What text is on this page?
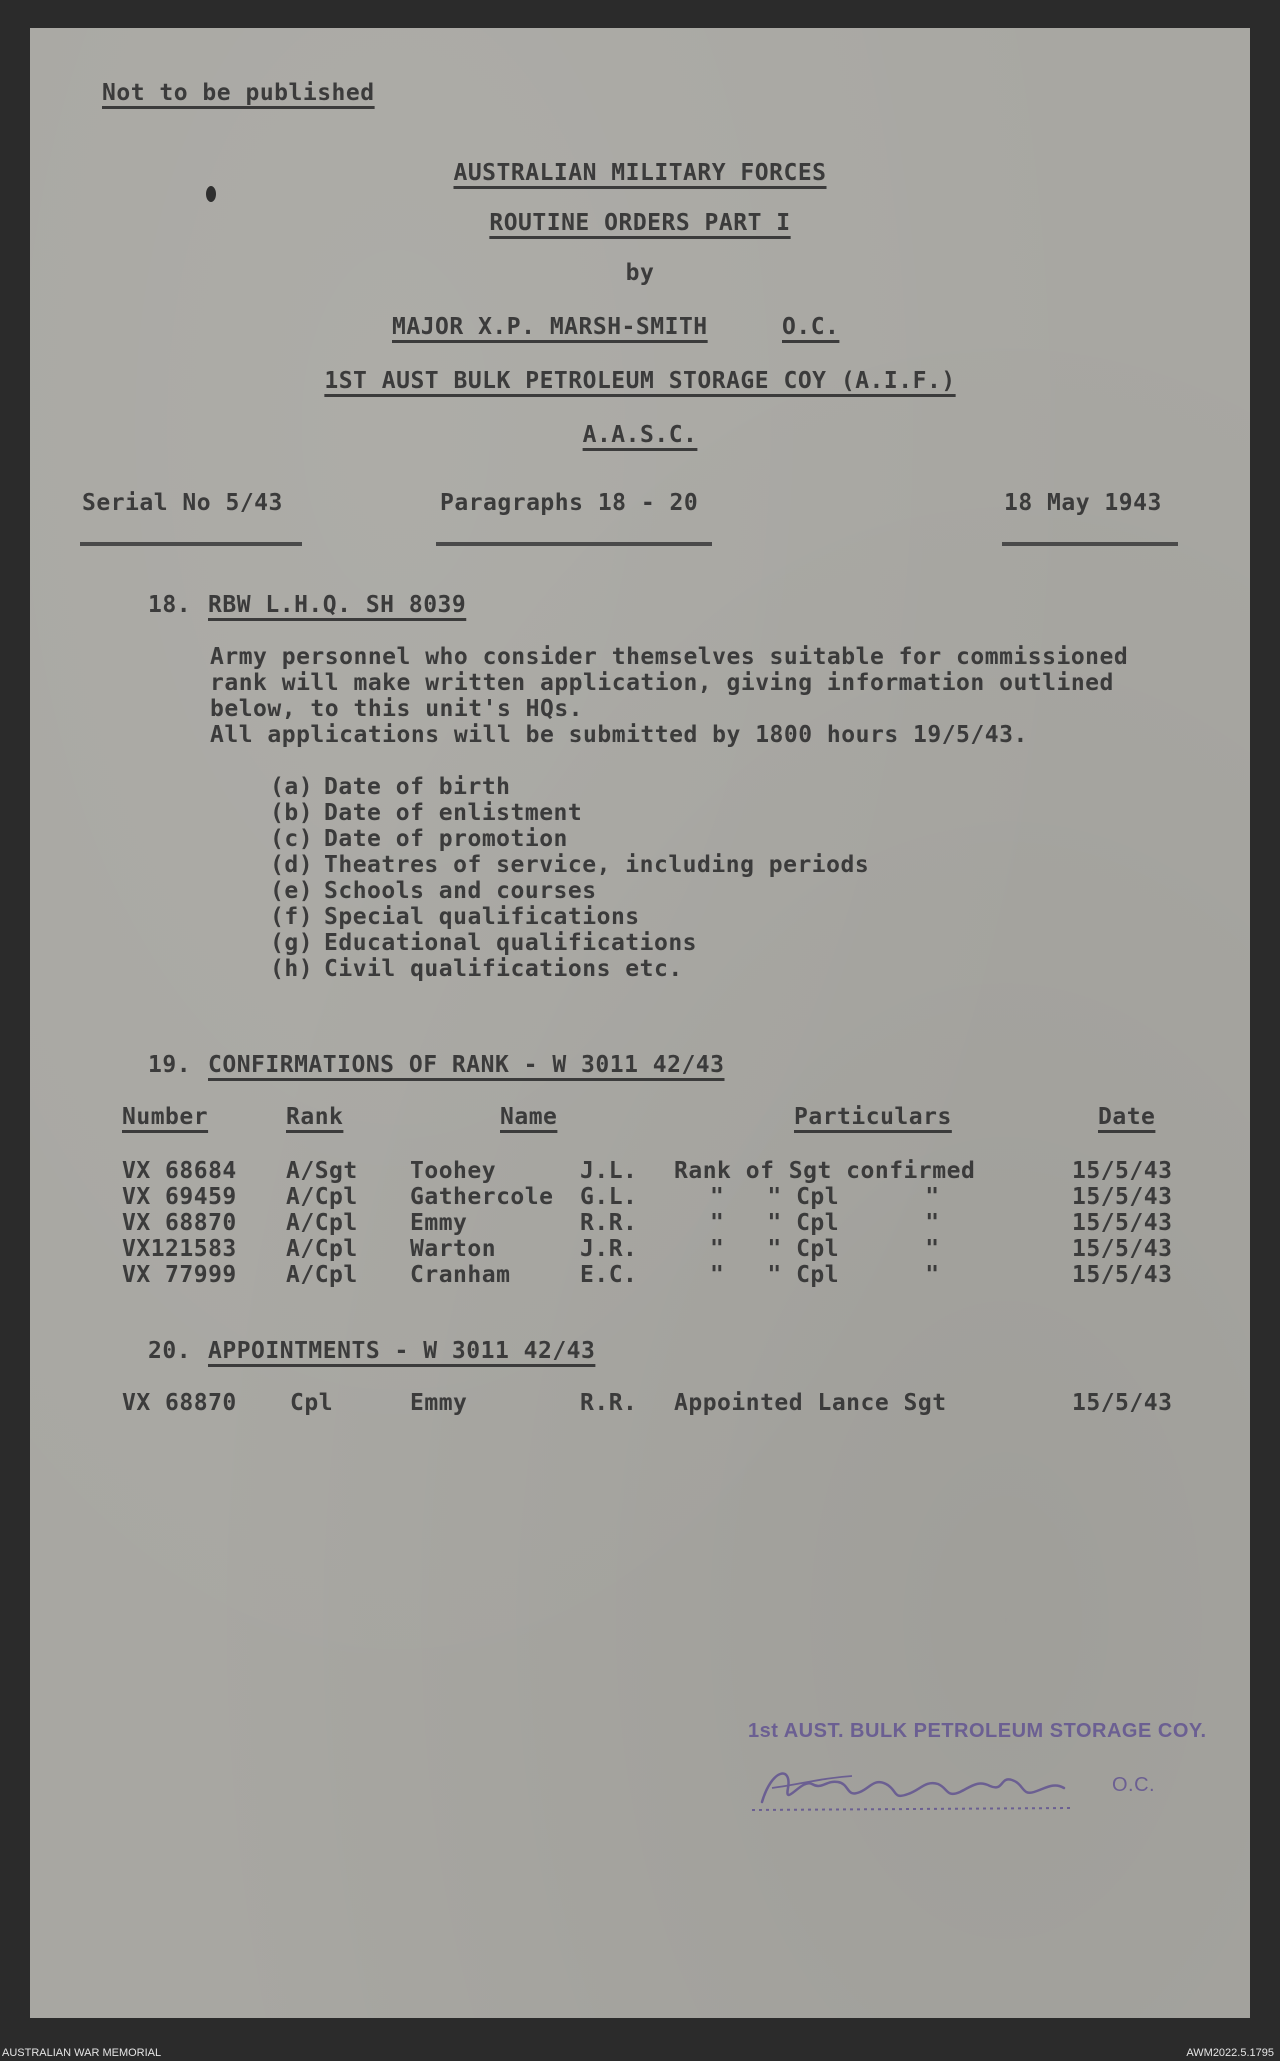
Not to be published
AUSTRALIAN MILITARY FORCES
ROUTINE ORDERS PART I
by
MAJOR X.P. MARSH-SMITH	O.C.
1ST AUST BULK PETROLEUM STORAGE COY (A.I.F.)
A.A.S.C.
Serial No 5/43	Paragraphs 18 - 20	18 May 1943
18. RBW L.H.Q. SH 8039
Army personnel who consider themselves suitable for commissioned
rank will make written application, giving information outlined
below, to this unit's HQs.
All applications will be submitted by 1800 hours 19/5/43.
(a) Date of birth
(b) Date of enlistment
(c) Date of promotion
(d) Theatres of service, including periods
(e) Schools and courses
(f) Special qualifications
(g) Educational qualifications
(h) Civil qualifications etc.
19. CONFIRMATIONS OF RANK - W 3011 42/43
Number	Rank	Name	Particulars	Date
VX 68684 A/Sgt Toohey	J.L. Rank of Sgt confirmed	15/5/43
VX 69459 A/Cpl Gathercole G.L.	"   " Cpl      "	15/5/43
VX 68870 A/Cpl Emmy	R.R.	"   " Cpl      "	15/5/43
VX121583 A/Cpl Warton	J.R.	"   " Cpl      "	15/5/43
VX 77999 A/Cpl Cranham	E.C.	"   " Cpl      "	15/5/43
20. APPOINTMENTS - W 3011 42/43
VX 68870 Cpl	Emmy	R.R. Appointed Lance Sgt	15/5/43
1st AUST. BULK PETROLEUM STORAGE COY.
O.C.
AUSTRALIAN WAR MEMORIAL	AWM2022.5.1795
